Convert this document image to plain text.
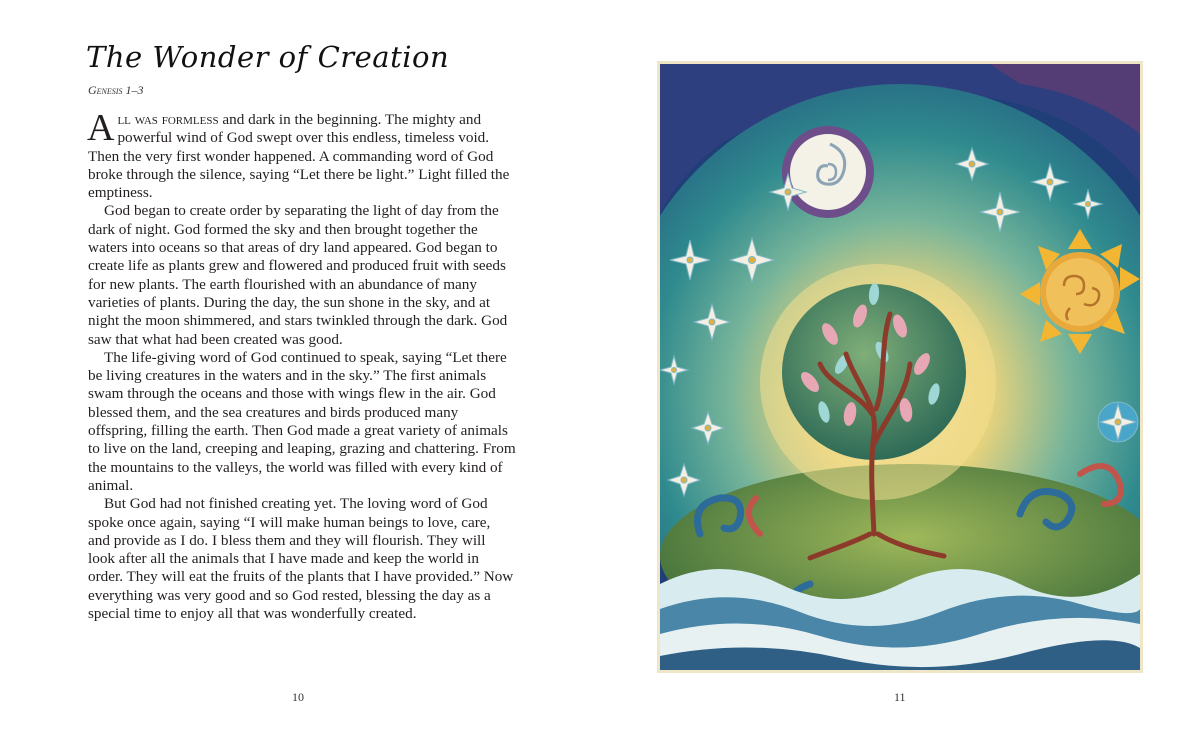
The Wonder of Creation
Genesis 1–3

All was formless and dark in the beginning. The mighty and powerful wind of God swept over this endless, timeless void. Then the very first wonder happened. A commanding word of God broke through the silence, saying “Let there be light.” Light filled the emptiness.

God began to create order by separating the light of day from the dark of night. God formed the sky and then brought together the waters into oceans so that areas of dry land appeared. God began to create life as plants grew and flowered and produced fruit with seeds for new plants. The earth flourished with an abundance of many varieties of plants. During the day, the sun shone in the sky, and at night the moon shimmered, and stars twinkled through the dark. God saw that what had been created was good.

The life-giving word of God continued to speak, saying “Let there be living creatures in the waters and in the sky.” The first animals swam through the oceans and those with wings flew in the air. God blessed them, and the sea creatures and birds produced many offspring, filling the earth. Then God made a great variety of animals to live on the land, creeping and leaping, grazing and chattering. From the mountains to the valleys, the world was filled with every kind of animal.

But God had not finished creating yet. The loving word of God spoke once again, saying “I will make human beings to love, care, and provide as I do. I bless them and they will flourish. They will look after all the animals that I have made and keep the world in order. They will eat the fruits of the plants that I have provided.” Now everything was very good and so God rested, blessing the day as a special time to enjoy all that was wonderfully created.

10	11
